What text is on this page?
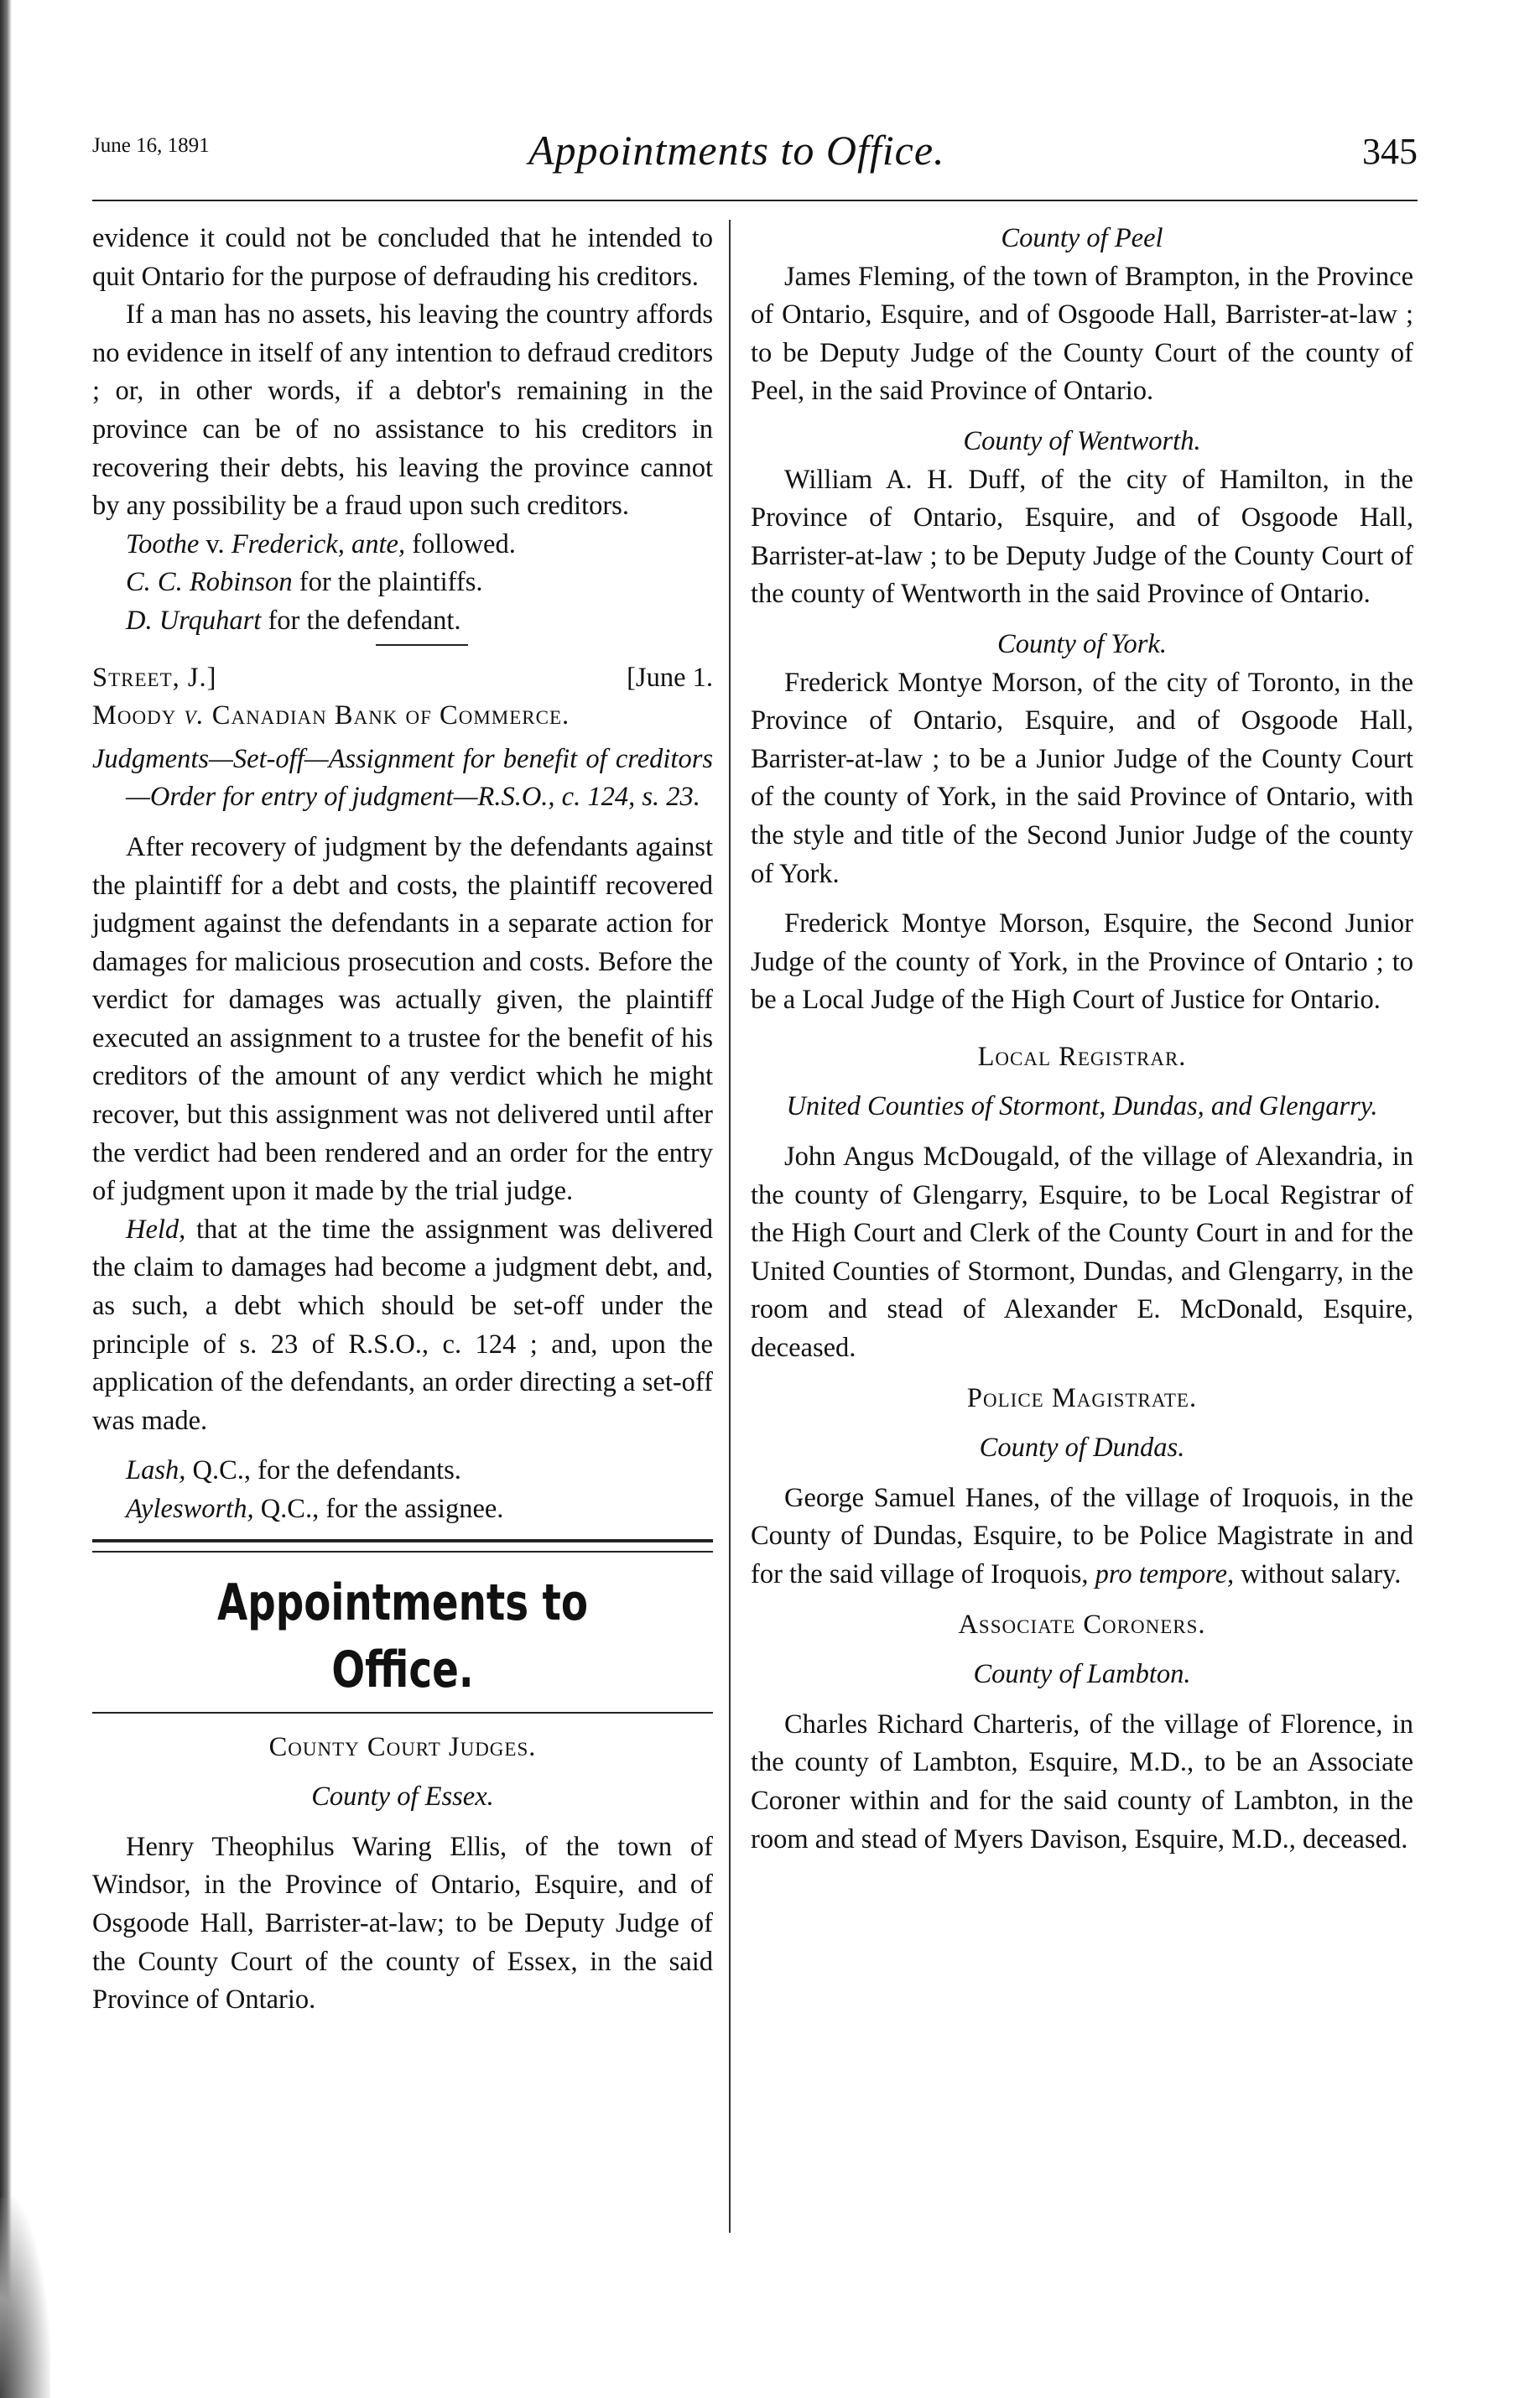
June 16, 1891	Appointments to Office.	345

evidence it could not be concluded that he intended to quit Ontario for the purpose of defrauding his creditors.

If a man has no assets, his leaving the country affords no evidence in itself of any intention to defraud creditors ; or, in other words, if a debtor's remaining in the province can be of no assistance to his creditors in recovering their debts, his leaving the province cannot by any possibility be a fraud upon such creditors.

Toothe v. Frederick, ante, followed.

C. C. Robinson for the plaintiffs.

D. Urquhart for the defendant.

Street, J.]	[June 1.

Moody v. Canadian Bank of Commerce.

Judgments—Set-off—Assignment for benefit of creditors—Order for entry of judgment—R.S.O., c. 124, s. 23.

After recovery of judgment by the defendants against the plaintiff for a debt and costs, the plaintiff recovered judgment against the defendants in a separate action for damages for malicious prosecution and costs. Before the verdict for damages was actually given, the plaintiff executed an assignment to a trustee for the benefit of his creditors of the amount of any verdict which he might recover, but this assignment was not delivered until after the verdict had been rendered and an order for the entry of judgment upon it made by the trial judge.

Held, that at the time the assignment was delivered the claim to damages had become a judgment debt, and, as such, a debt which should be set-off under the principle of s. 23 of R.S.O., c. 124 ; and, upon the application of the defendants, an order directing a set-off was made.

Lash, Q.C., for the defendants.

Aylesworth, Q.C., for the assignee.

Appointments to Office.

County Court Judges.

County of Essex.

Henry Theophilus Waring Ellis, of the town of Windsor, in the Province of Ontario, Esquire, and of Osgoode Hall, Barrister-at-law; to be Deputy Judge of the County Court of the county of Essex, in the said Province of Ontario.

County of Peel

James Fleming, of the town of Brampton, in the Province of Ontario, Esquire, and of Osgoode Hall, Barrister-at-law ; to be Deputy Judge of the County Court of the county of Peel, in the said Province of Ontario.

County of Wentworth.

William A. H. Duff, of the city of Hamilton, in the Province of Ontario, Esquire, and of Osgoode Hall, Barrister-at-law ; to be Deputy Judge of the County Court of the county of Wentworth in the said Province of Ontario.

County of York.

Frederick Montye Morson, of the city of Toronto, in the Province of Ontario, Esquire, and of Osgoode Hall, Barrister-at-law ; to be a Junior Judge of the County Court of the county of York, in the said Province of Ontario, with the style and title of the Second Junior Judge of the county of York.

Frederick Montye Morson, Esquire, the Second Junior Judge of the county of York, in the Province of Ontario ; to be a Local Judge of the High Court of Justice for Ontario.

Local Registrar.

United Counties of Stormont, Dundas, and Glengarry.

John Angus McDougald, of the village of Alexandria, in the county of Glengarry, Esquire, to be Local Registrar of the High Court and Clerk of the County Court in and for the United Counties of Stormont, Dundas, and Glengarry, in the room and stead of Alexander E. McDonald, Esquire, deceased.

Police Magistrate.

County of Dundas.

George Samuel Hanes, of the village of Iroquois, in the County of Dundas, Esquire, to be Police Magistrate in and for the said village of Iroquois, pro tempore, without salary.

Associate Coroners.

County of Lambton.

Charles Richard Charteris, of the village of Florence, in the county of Lambton, Esquire, M.D., to be an Associate Coroner within and for the said county of Lambton, in the room and stead of Myers Davison, Esquire, M.D., deceased.
